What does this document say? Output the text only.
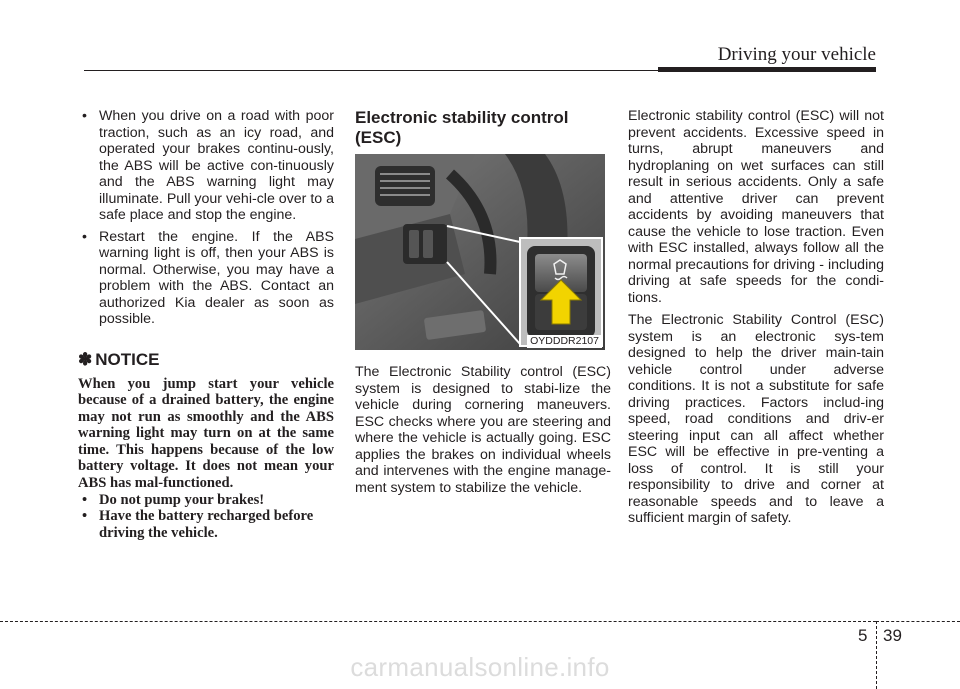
Driving your vehicle
• When you drive on a road with poor traction, such as an icy road, and operated your brakes continu-ously, the ABS will be active con-tinuously and the ABS warning light may illuminate. Pull your vehi-cle over to a safe place and stop the engine.
• Restart the engine. If the ABS warning light is off, then your ABS is normal. Otherwise, you may have a problem with the ABS. Contact an authorized Kia dealer as soon as possible.
✽ NOTICE
When you jump start your vehicle because of a drained battery, the engine may not run as smoothly and the ABS warning light may turn on at the same time. This happens because of the low battery voltage. It does not mean your ABS has mal-functioned.
• Do not pump your brakes!
• Have the battery recharged before driving the vehicle.
Electronic stability control (ESC)
OYDDDR2107

The Electronic Stability control (ESC) system is designed to stabi-lize the vehicle during cornering maneuvers. ESC checks where you are steering and where the vehicle is actually going. ESC applies the brakes on individual wheels and intervenes with the engine manage-ment system to stabilize the vehicle.

Electronic stability control (ESC) will not prevent accidents. Excessive speed in turns, abrupt maneuvers and hydroplaning on wet surfaces can still result in serious accidents. Only a safe and attentive driver can prevent accidents by avoiding maneuvers that cause the vehicle to lose traction. Even with ESC installed, always follow all the normal precautions for driving - including driving at safe speeds for the condi-tions.

The Electronic Stability Control (ESC) system is an electronic sys-tem designed to help the driver main-tain vehicle control under adverse conditions. It is not a substitute for safe driving practices. Factors includ-ing speed, road conditions and driv-er steering input can all affect whether ESC will be effective in pre-venting a loss of control. It is still your responsibility to drive and corner at reasonable speeds and to leave a sufficient margin of safety.

5 39
carmanualsonline.info
